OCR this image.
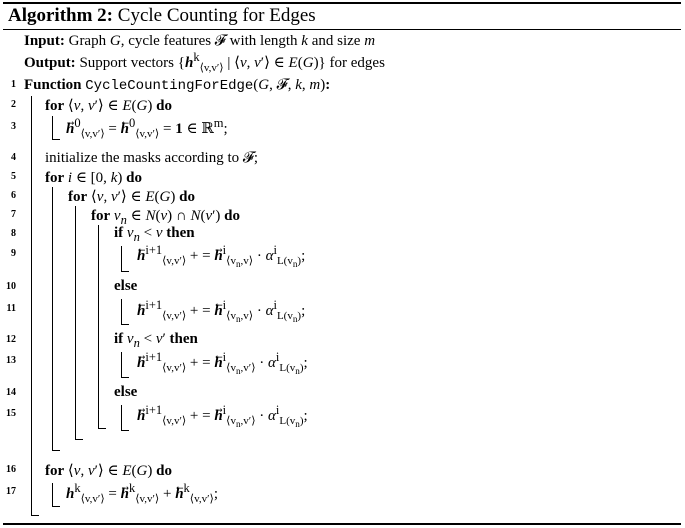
Algorithm 2: Cycle Counting for Edges
Input: Graph G, cycle features 𝓕 with length k and size m
Output: Support vectors {$h^k_{⟨v,v'⟩}$ | ⟨v, v′⟩ ∈ E(G)} for edges
1
2
3
4
5
6
7
8
9
10
11
12
13
14
15
16
17
Function CycleCountingForEdge(G, 𝓕, k, m):
for ⟨v, v′⟩ ∈ E(G) do
$h^0_{⟨v,v'⟩} = h^0_{⟨v,v'⟩} = 1$ ∈ ℝ$^m$;
initialize the masks according to 𝓕;
for i ∈ [0, k) do
for ⟨v, v′⟩ ∈ E(G) do
for $v_n$ ∈ N(v) ∩ N(v′) do
if $v_n < v$ then
$h^{i+1}_{⟨v,v'⟩}$ + = $h^i_{⟨v_n,v⟩} \cdot \alpha^i_{L(v_n)}$;
else
$h^{i+1}_{⟨v,v'⟩}$ + = $h^i_{⟨v_n,v⟩} \cdot \alpha^i_{L(v_n)}$;
if $v_n < v'$ then
$h^{i+1}_{⟨v,v'⟩}$ + = $h^i_{⟨v_n,v'⟩} \cdot \alpha^i_{L(v_n)}$;
else
$h^{i+1}_{⟨v,v'⟩}$ + = $h^i_{⟨v_n,v'⟩} \cdot \alpha^i_{L(v_n)}$;
for ⟨v, v′⟩ ∈ E(G) do
$h^k_{⟨v,v'⟩} = h^k_{⟨v,v'⟩} + h^k_{⟨v,v'⟩}$;
